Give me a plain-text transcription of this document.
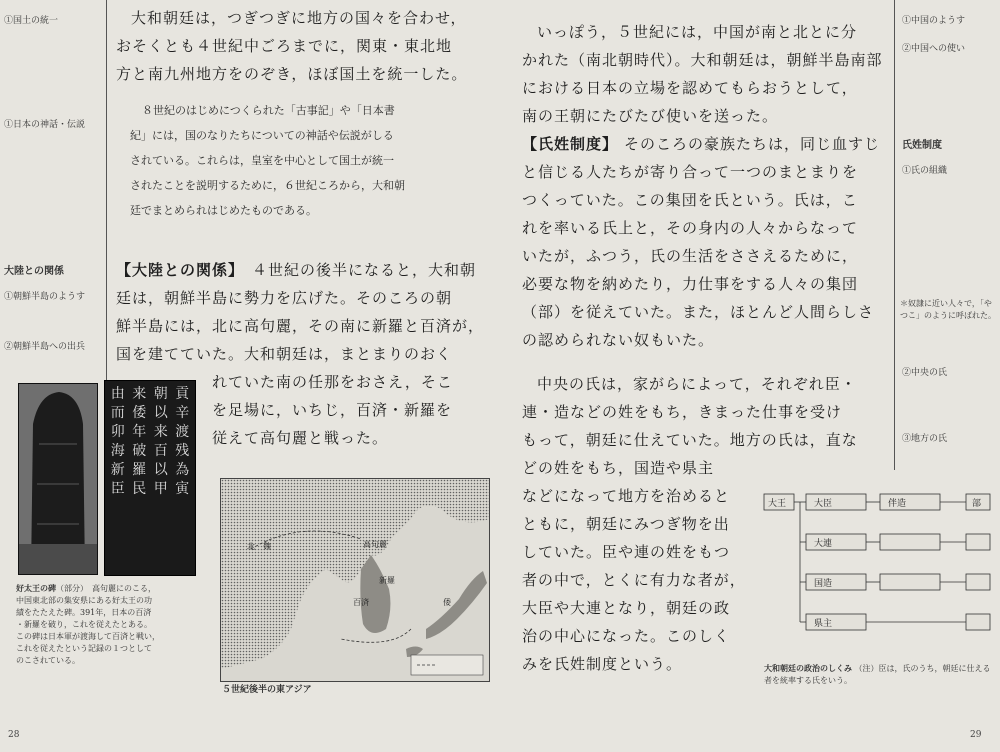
①国土の統一
①日本の神話・伝説
大陸との関係
①朝鮮半島のようす
②朝鮮半島への出兵
大和朝廷は，つぎつぎに地方の国々を合わせ，
おそくとも４世紀中ごろまでに，関東・東北地
方と南九州地方をのぞき，ほぼ国土を統一した。
８世紀のはじめにつくられた「古事記」や「日本書
紀」には，国のなりたちについての神話や伝説がしる
されている。これらは，皇室を中心として国土が統一
されたことを説明するために，６世紀ころから，大和朝
廷でまとめられはじめたものである。
【大陸との関係】 ４世紀の後半になると，大和朝
廷は，朝鮮半島に勢力を広げた。そのころの朝
鮮半島には，北に高句麗，その南に新羅と百済が，
国を建てていた。大和朝廷は，まとまりのおく
れていた南の任那をおさえ，そこ
を足場に，いちじ，百済・新羅を
従えて高句麗と戦った。
由 来 朝 貢
而 倭 以 辛
卯 年 来 渡
海 破 百 残
新 羅 以 為
臣 民 甲 寅
好太王の碑（部分）　高句麗にのこる，
中国東北部の集安県にある好太王の功
績をたたえた碑。391年，日本の百済
・新羅を破り，これを従えたとある。
この碑は日本軍が渡海して百済と戦い，
これを従えたという記録の１つとして
のこされている。
北　魏	高句麗
百済
新羅
倭
５世紀後半の東アジア
28
いっぽう，５世紀には，中国が南と北とに分
かれた（南北朝時代）。大和朝廷は，朝鮮半島南部
における日本の立場を認めてもらおうとして，
南の王朝にたびたび使いを送った。
【氏姓制度】 そのころの豪族たちは，同じ血すじ
と信じる人たちが寄り合って一つのまとまりを
つくっていた。この集団を氏という。氏は，こ
れを率いる氏上と，その身内の人々からなって
いたが，ふつう，氏の生活をささえるために，
必要な物を納めたり，力仕事をする人々の集団
（部）を従えていた。また，ほとんど人間らしさ
の認められない奴もいた。
中央の氏は，家がらによって，それぞれ臣・
連・造などの姓をもち，きまった仕事を受け
もって，朝廷に仕えていた。地方の氏は，直な
どの姓をもち，国造や県主
などになって地方を治めると
ともに，朝廷にみつぎ物を出
していた。臣や連の姓をもつ
者の中で，とくに有力な者が，
大臣や大連となり，朝廷の政
治の中心になった。このしく
みを氏姓制度という。
①中国のようす
②中国への使い
氏姓制度
①氏の組織
＊奴隷に近い人々で，「やつこ」のように呼ばれた。
②中央の氏
③地方の氏
29
大王	大臣
大連
伴造
国造
県主
部
大和朝廷の政治のしくみ （注）臣は，氏のうち，朝廷に仕える者を統率する氏をいう。
